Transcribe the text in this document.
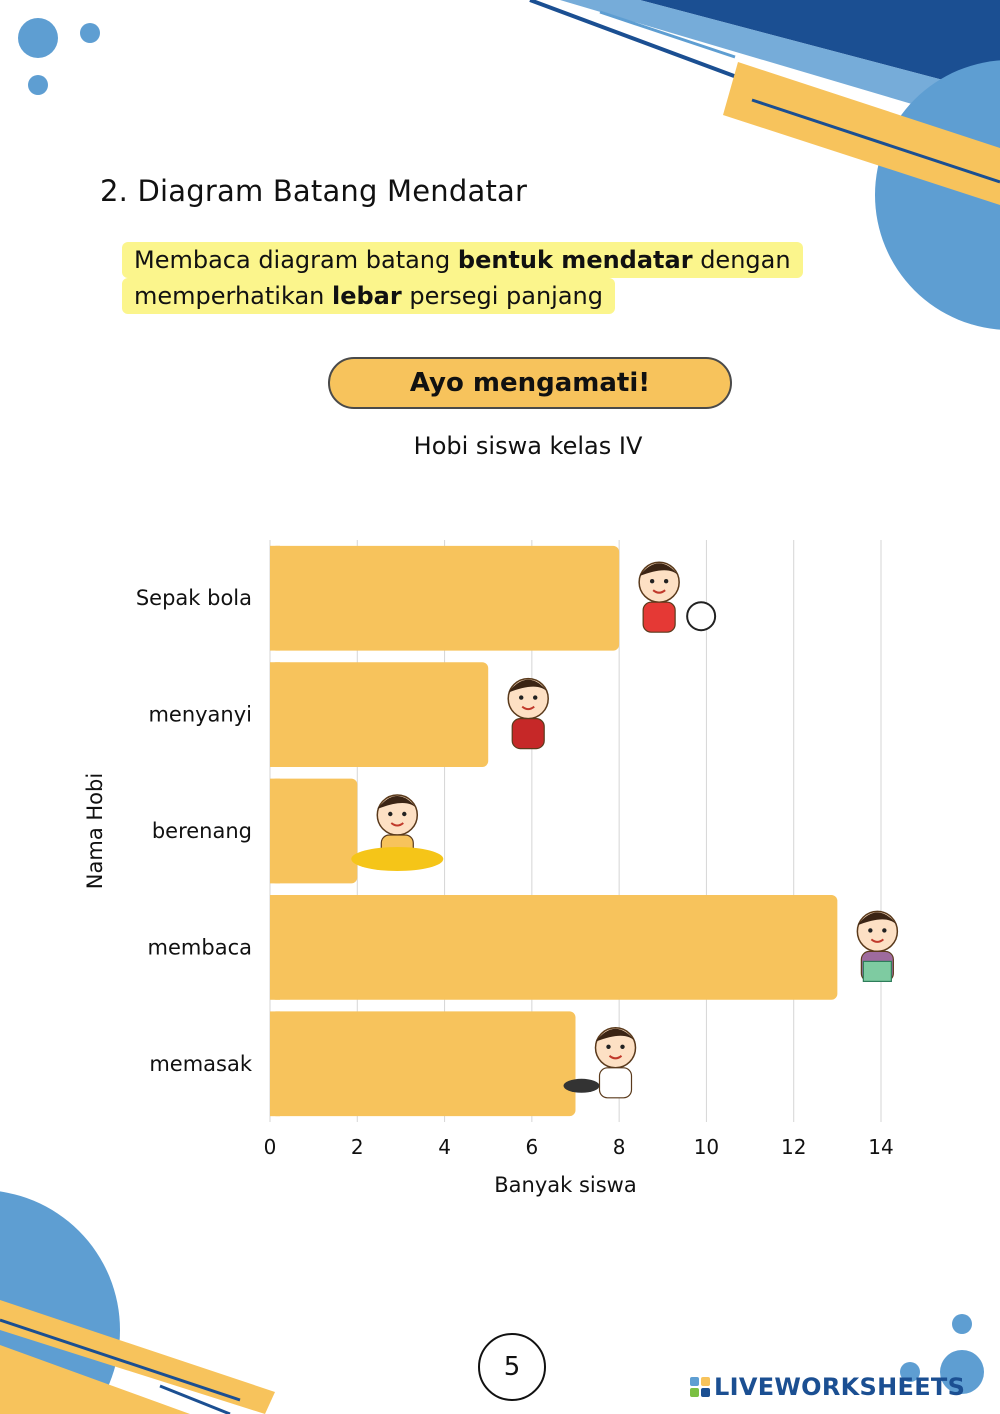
2. Diagram Batang Mendatar

Membaca diagram batang bentuk mendatar dengan

memperhatikan lebar persegi panjang

Ayo mengamati!
Hobi siswa kelas IV
0	2	4	6	8	10	12	14
Sepak bola
menyanyi
berenang
membaca
memasak
Banyak siswa
Nama Hobi
5
LIVEWORKSHEETS
